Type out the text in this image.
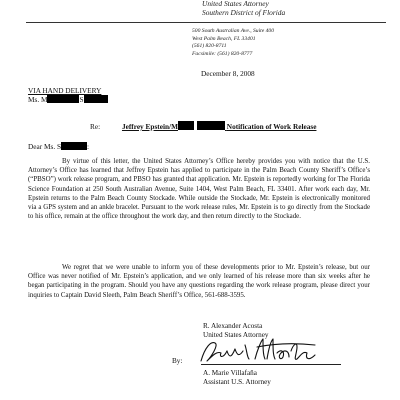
United States Attorney
Southern District of Florida
500 South Australian Ave., Suite 400
West Palm Beach, FL 33401
(561) 820-8711
Facsimile: (561) 820-8777
December 8, 2008
VIA HAND DELIVERY
Ms. M	S
Re:	Jeffrey Epstein/M	Notification of Work Release
Dear Ms. S	:
By virtue of this letter, the United States Attorney’s Office hereby provides you with notice that the U.S. Attorney’s Office has learned that Jeffrey Epstein has applied to participate in the Palm Beach County Sheriff’s Office’s (“PBSO”) work release program, and PBSO has granted that application. Mr. Epstein is reportedly working for The Florida Science Foundation at 250 South Australian Avenue, Suite 1404, West Palm Beach, FL 33401. After work each day, Mr. Epstein returns to the Palm Beach County Stockade. While outside the Stockade, Mr. Epstein is electronically monitored via a GPS system and an ankle bracelet. Pursuant to the work release rules, Mr. Epstein is to go directly from the Stockade to his office, remain at the office throughout the work day, and then return directly to the Stockade.
We regret that we were unable to inform you of these developments prior to Mr. Epstein’s release, but our Office was never notified of Mr. Epstein’s application, and we only learned of his release more than six weeks after he began participating in the program. Should you have any questions regarding the work release program, please direct your inquiries to Captain David Sleeth, Palm Beach Sheriff’s Office, 561-688-3595.
R. Alexander Acosta
United States Attorney
By:
A. Marie Villafaña
Assistant U.S. Attorney
